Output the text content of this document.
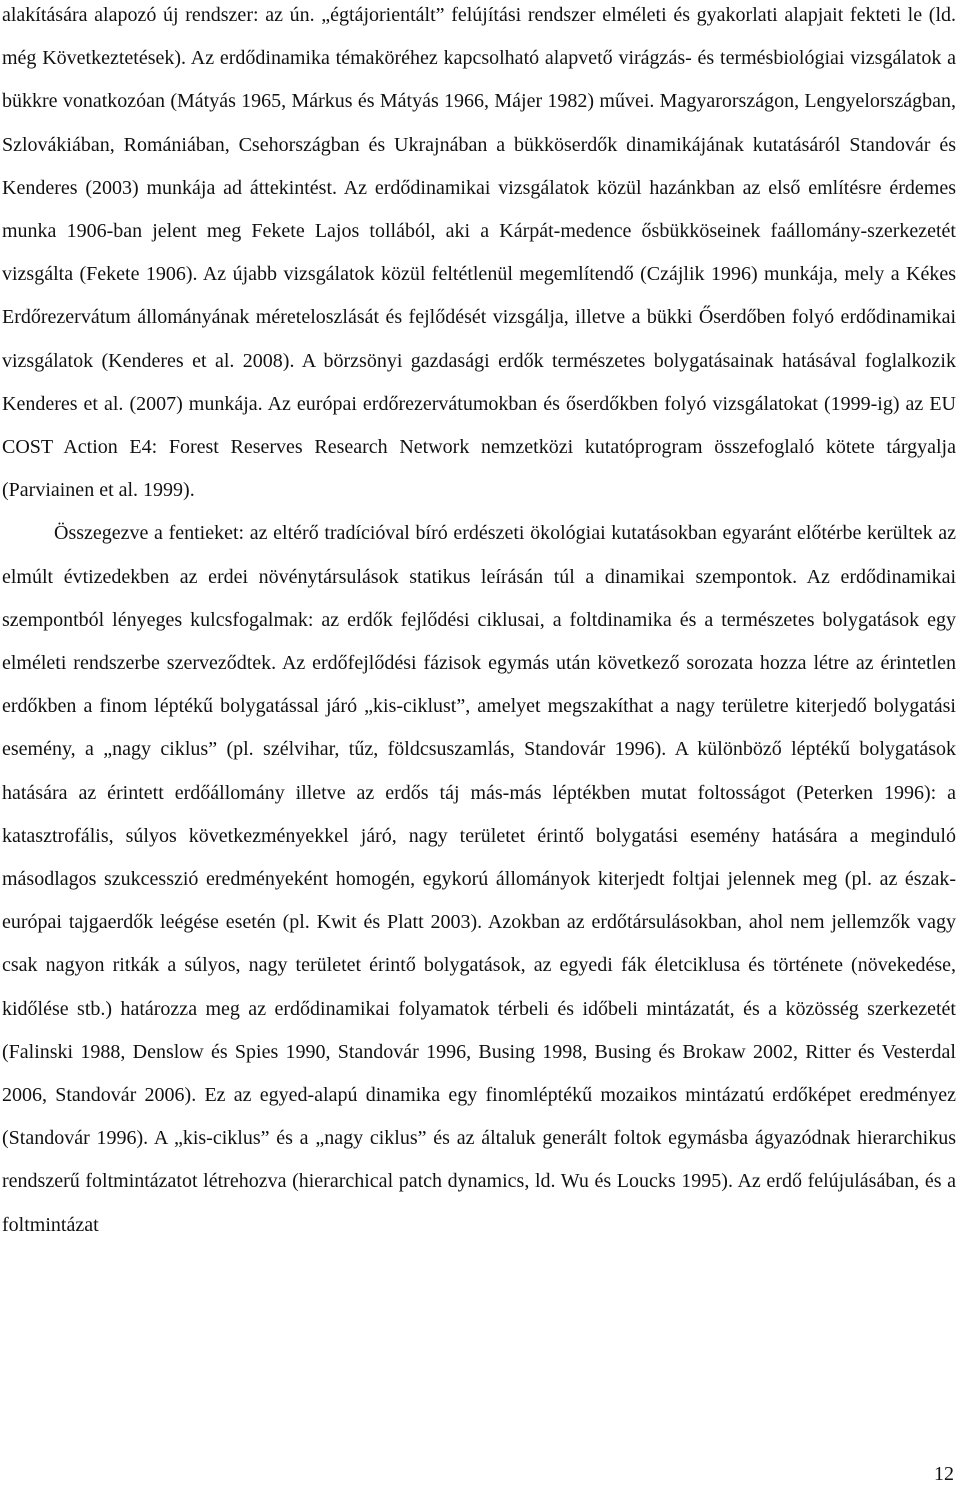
alakítására alapozó új rendszer: az ún. „égtájorientált” felújítási rendszer elméleti és gyakorlati alapjait fekteti le (ld. még Következtetések). Az erdődinamika témaköréhez kapcsolható alapvető virágzás- és termésbiológiai vizsgálatok a bükkre vonatkozóan (Mátyás 1965, Márkus és Mátyás 1966, Májer 1982) művei. Magyarországon, Lengyelországban, Szlovákiában, Romániában, Csehországban és Ukrajnában a bükköserdők dinamikájának kutatásáról Standovár és Kenderes (2003) munkája ad áttekintést. Az erdődinamikai vizsgálatok közül hazánkban az első említésre érdemes munka 1906-ban jelent meg Fekete Lajos tollából, aki a Kárpát-medence ősbükköseinek faállomány-szerkezetét vizsgálta (Fekete 1906). Az újabb vizsgálatok közül feltétlenül megemlítendő (Czájlik 1996) munkája, mely a Kékes Erdőrezervátum állományának méreteloszlását és fejlődését vizsgálja, illetve a bükki Őserdőben folyó erdődinamikai vizsgálatok (Kenderes et al. 2008). A börzsönyi gazdasági erdők természetes bolygatásainak hatásával foglalkozik Kenderes et al. (2007) munkája. Az európai erdőrezervátumokban és őserdőkben folyó vizsgálatokat (1999-ig) az EU COST Action E4: Forest Reserves Research Network nemzetközi kutatóprogram összefoglaló kötete tárgyalja (Parviainen et al. 1999).

Összegezve a fentieket: az eltérő tradícióval bíró erdészeti ökológiai kutatásokban egyaránt előtérbe kerültek az elmúlt évtizedekben az erdei növénytársulások statikus leírásán túl a dinamikai szempontok. Az erdődinamikai szempontból lényeges kulcsfogalmak: az erdők fejlődési ciklusai, a foltdinamika és a természetes bolygatások egy elméleti rendszerbe szerveződtek. Az erdőfejlődési fázisok egymás után következő sorozata hozza létre az érintetlen erdőkben a finom léptékű bolygatással járó „kis-ciklust”, amelyet megszakíthat a nagy területre kiterjedő bolygatási esemény, a „nagy ciklus” (pl. szélvihar, tűz, földcsuszamlás, Standovár 1996). A különböző léptékű bolygatások hatására az érintett erdőállomány illetve az erdős táj más-más léptékben mutat foltosságot (Peterken 1996): a katasztrofális, súlyos következményekkel járó, nagy területet érintő bolygatási esemény hatására a meginduló másodlagos szukcesszió eredményeként homogén, egykorú állományok kiterjedt foltjai jelennek meg (pl. az észak-európai tajgaerdők leégése esetén (pl. Kwit és Platt 2003). Azokban az erdőtársulásokban, ahol nem jellemzők vagy csak nagyon ritkák a súlyos, nagy területet érintő bolygatások, az egyedi fák életciklusa és története (növekedése, kidőlése stb.) határozza meg az erdődinamikai folyamatok térbeli és időbeli mintázatát, és a közösség szerkezetét (Falinski 1988, Denslow és Spies 1990, Standovár 1996, Busing 1998, Busing és Brokaw 2002, Ritter és Vesterdal 2006, Standovár 2006). Ez az egyed-alapú dinamika egy finomléptékű mozaikos mintázatú erdőképet eredményez (Standovár 1996). A „kis-ciklus” és a „nagy ciklus” és az általuk generált foltok egymásba ágyazódnak hierarchikus rendszerű foltmintázatot létrehozva (hierarchical patch dynamics, ld. Wu és Loucks 1995). Az erdő felújulásában, és a foltmintázat

12
